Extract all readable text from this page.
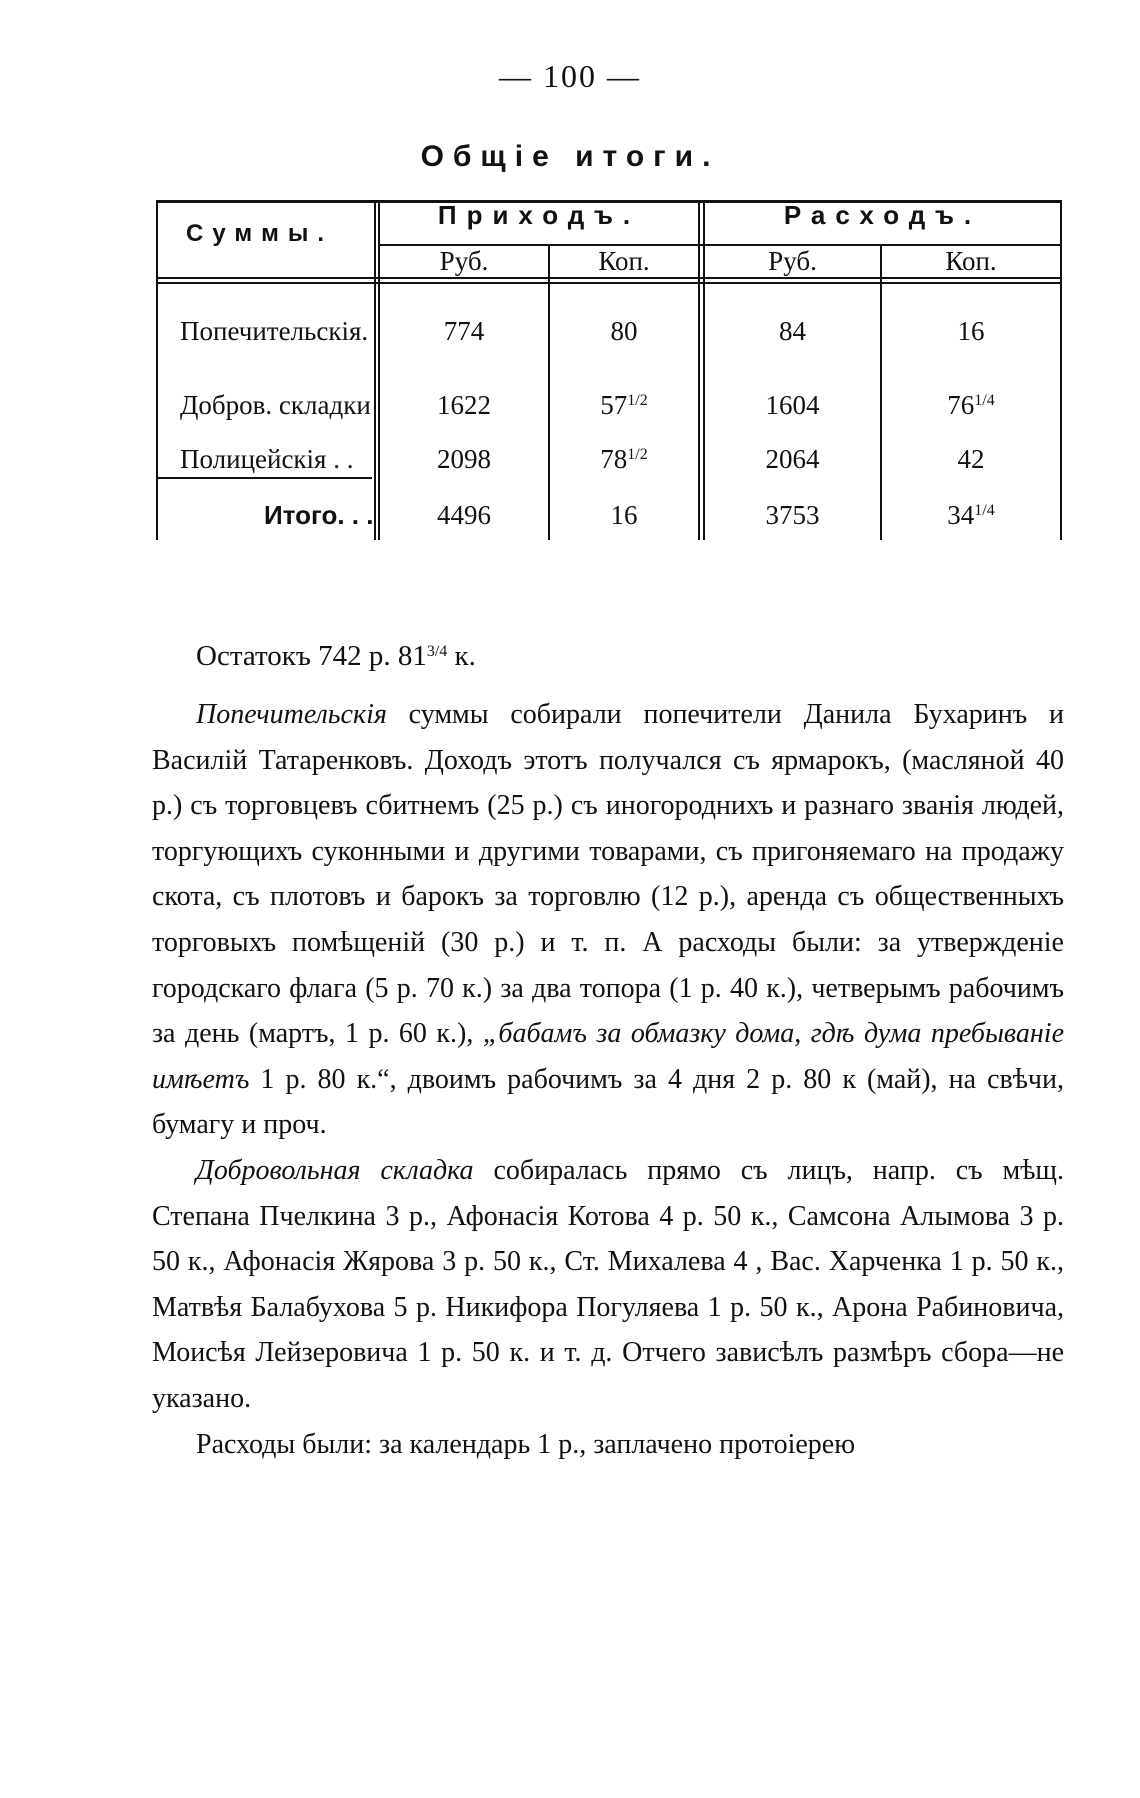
— 100 —
Общіе итоги.
Суммы.
Приходъ.	Расходъ.
Руб.	Коп.	Руб.	Коп.
Попечительскія.	774	80	84	16
Добров. складки	1622	$57^{1/2}$	1604	$76^{1/4}$
Полицейскія . .	2098	$78^{1/2}$	2064	42
Итого. . .	4496	16	3753	$34^{1/4}$
Остатокъ 742 р. $81^{3/4}$ к.

Попечительскія суммы собирали попечители Данила Бухаринъ и Василій Татаренковъ. Доходъ этотъ получался съ ярмарокъ, (масляной 40 р.) съ торговцевъ сбитнемъ (25 р.) съ иногороднихъ и разнаго званія людей, торгующихъ суконными и другими товарами, съ пригоняемаго на продажу скота, съ плотовъ и барокъ за торговлю (12 р.), аренда съ общественныхъ торговыхъ помѣщеній (30 р.) и т. п. А расходы были: за утвержденіе городскаго флага (5 р. 70 к.) за два топора (1 р. 40 к.), четверымъ рабочимъ за день (мартъ, 1 р. 60 к.), „бабамъ за обмазку дома, гдѣ дума пребываніе имѣетъ 1 р. 80 к.“, двоимъ рабочимъ за 4 дня 2 р. 80 к (май), на свѣчи, бумагу и проч.

Добровольная складка собиралась прямо съ лицъ, напр. съ мѣщ. Степана Пчелкина 3 р., Афонасія Котова 4 р. 50 к., Самсона Алымова 3 р. 50 к., Афонасія Жярова 3 р. 50 к., Ст. Михалева 4 , Вас. Харченка 1 р. 50 к., Матвѣя Балабухова 5 р. Никифора Погуляева 1 р. 50 к., Арона Рабиновича, Моисѣя Лейзеровича 1 р. 50 к. и т. д. Отчего зависѣлъ размѣръ сбора—не указано.

Расходы были: за календарь 1 р., заплачено протоіерею
